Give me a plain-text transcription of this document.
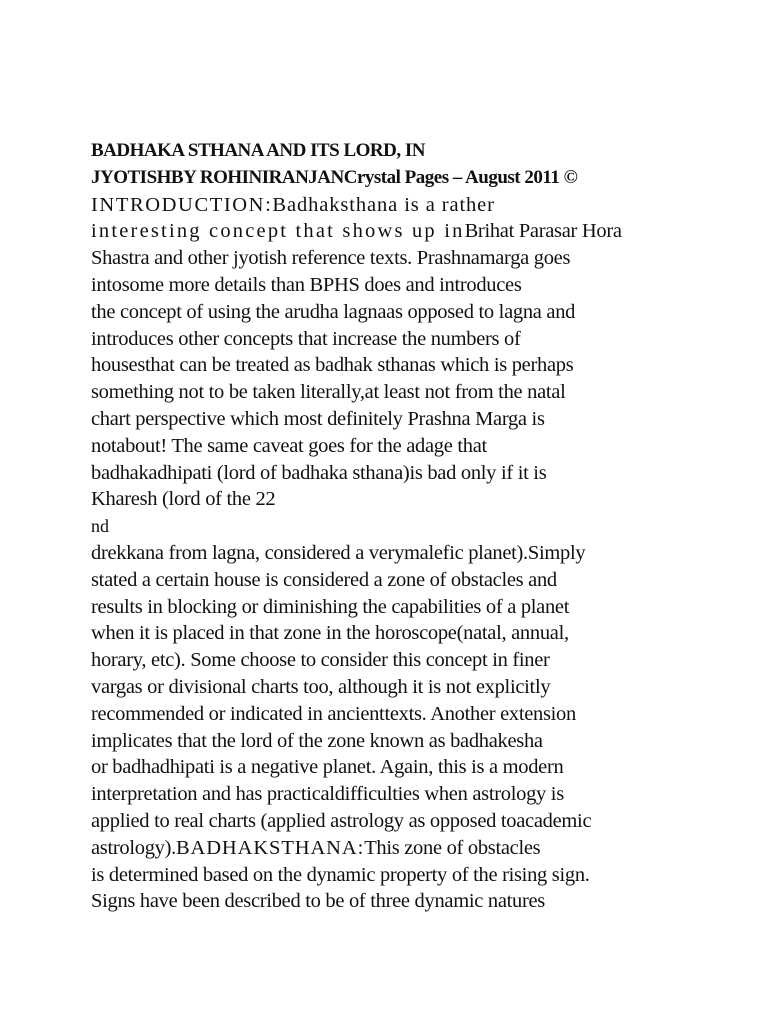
BADHAKA STHANA AND ITS LORD, IN
JYOTISHBY ROHINIRANJANCrystal Pages – August 2011 ©
INTRODUCTION:Badhaksthana is a rather
interesting concept that shows up inBrihat Parasar Hora
Shastra and other jyotish reference texts. Prashnamarga goes
intosome more details than BPHS does and introduces
the concept of using the arudha lagnaas opposed to lagna and
introduces other concepts that increase the numbers of
housesthat can be treated as badhak sthanas which is perhaps
something not to be taken literally,at least not from the natal
chart perspective which most definitely Prashna Marga is
notabout! The same caveat goes for the adage that
badhakadhipati (lord of badhaka sthana)is bad only if it is
Kharesh (lord of the 22
nd
drekkana from lagna, considered a verymalefic planet).Simply
stated a certain house is considered a zone of obstacles and
results in blocking or diminishing the capabilities of a planet
when it is placed in that zone in the horoscope(natal, annual,
horary, etc). Some choose to consider this concept in finer
vargas or divisional charts too, although it is not explicitly
recommended or indicated in ancienttexts. Another extension
implicates that the lord of the zone known as badhakesha
or badhadhipati is a negative planet. Again, this is a modern
interpretation and has practicaldifficulties when astrology is
applied to real charts (applied astrology as opposed toacademic
astrology).BADHAKSTHANA:This zone of obstacles
is determined based on the dynamic property of the rising sign.
Signs have been described to be of three dynamic natures
